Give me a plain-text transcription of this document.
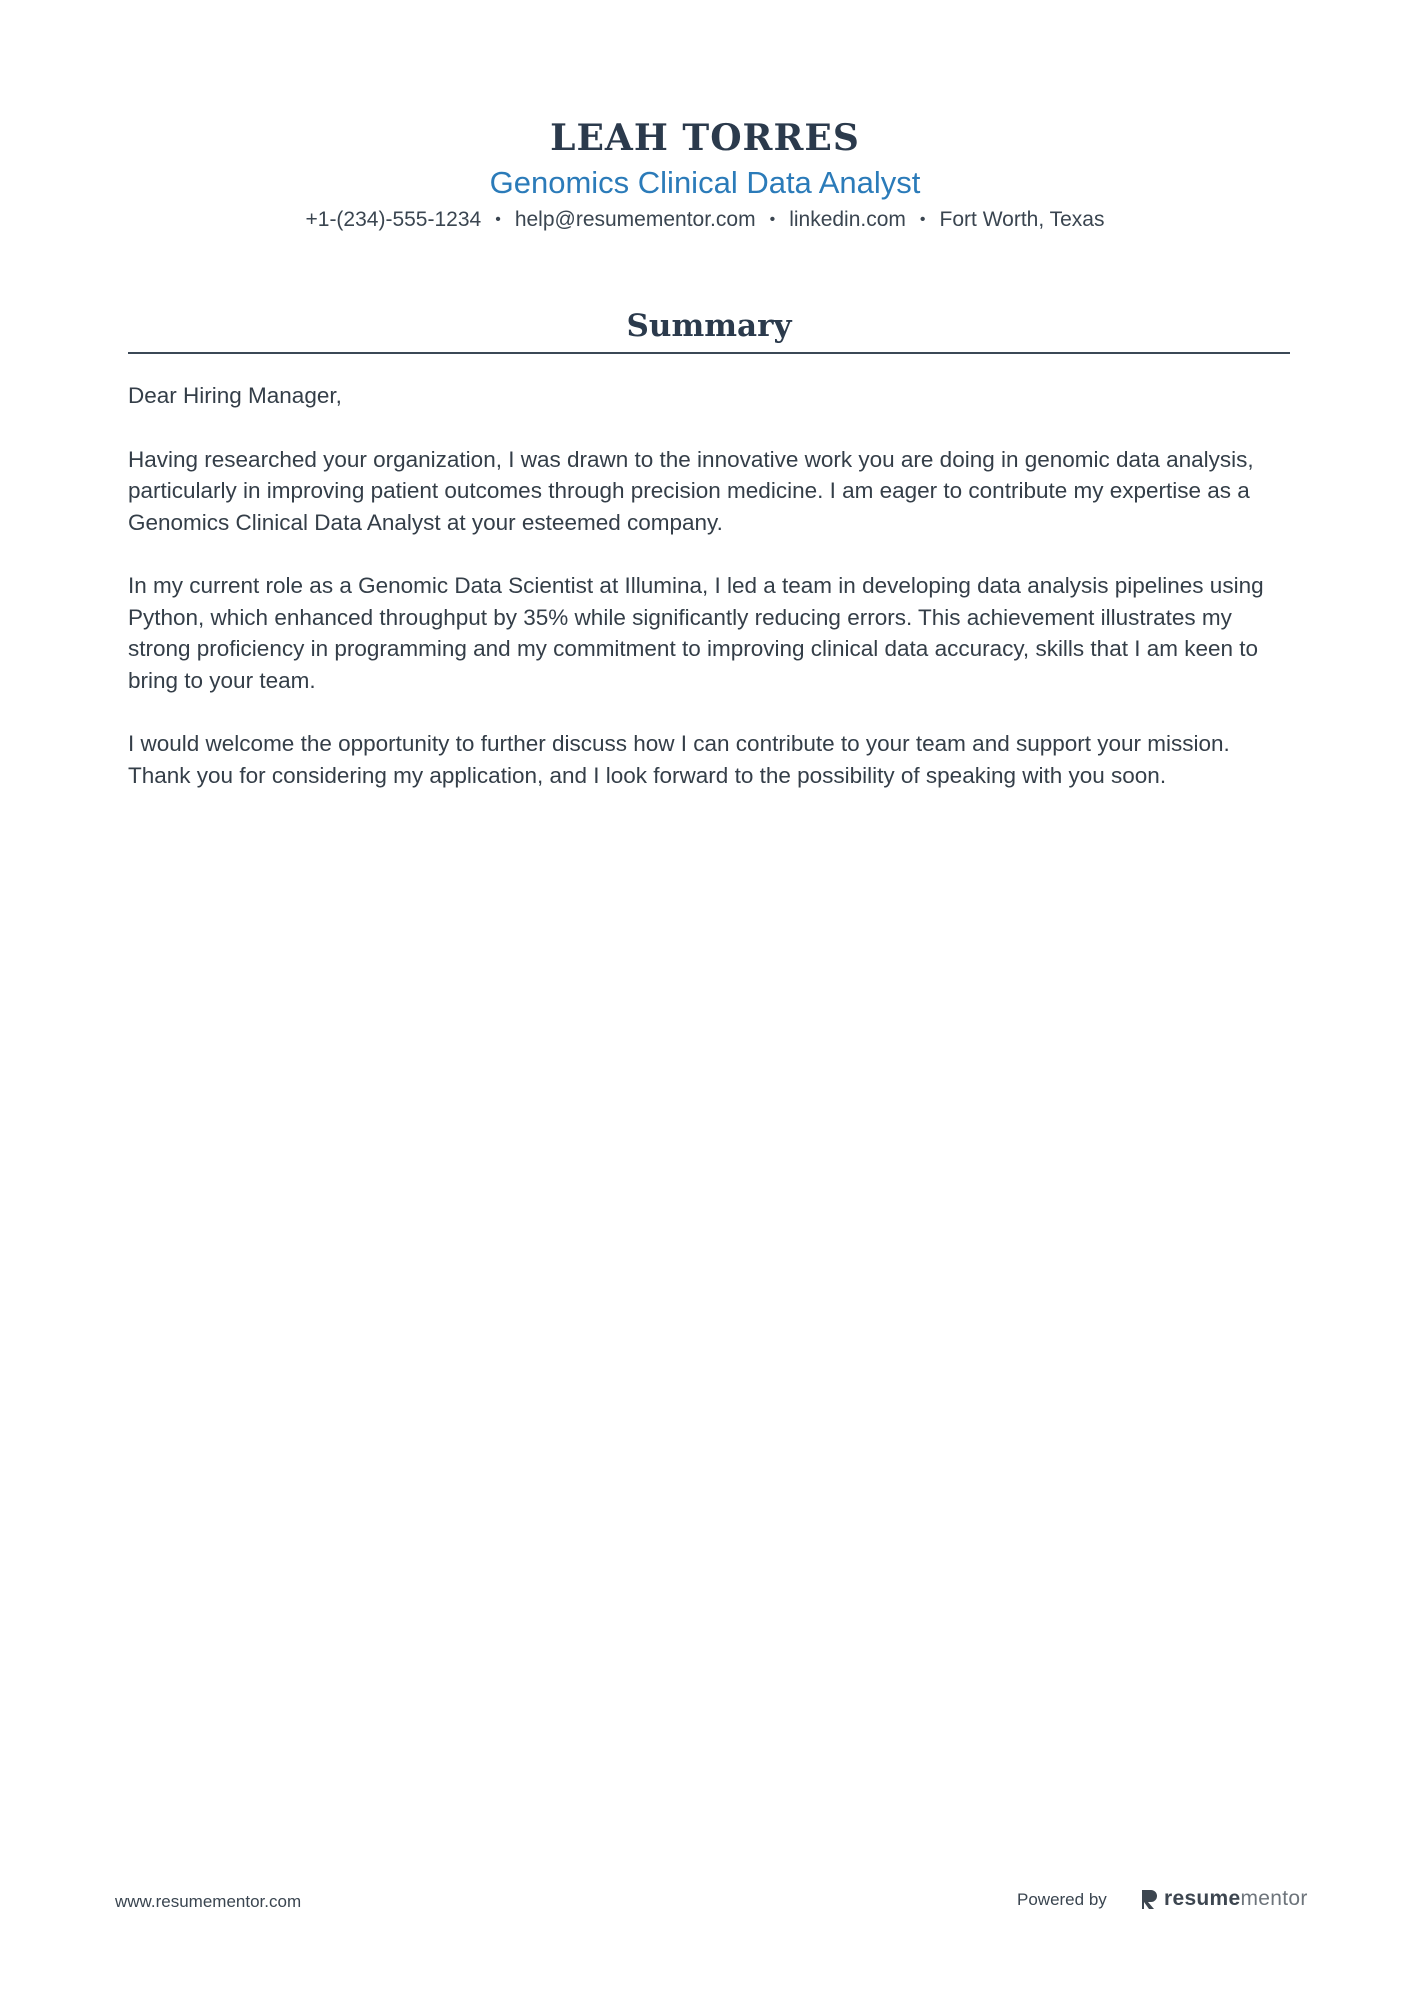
LEAH TORRES
Genomics Clinical Data Analyst
+1-(234)-555-1234 • help@resumementor.com • linkedin.com • Fort Worth, Texas
Summary

Dear Hiring Manager,

Having researched your organization, I was drawn to the innovative work you are doing in genomic data analysis, particularly in improving patient outcomes through precision medicine. I am eager to contribute my expertise as a Genomics Clinical Data Analyst at your esteemed company.

In my current role as a Genomic Data Scientist at Illumina, I led a team in developing data analysis pipelines using Python, which enhanced throughput by 35% while significantly reducing errors. This achievement illustrates my strong proficiency in programming and my commitment to improving clinical data accuracy, skills that I am keen to bring to your team.

I would welcome the opportunity to further discuss how I can contribute to your team and support your mission. Thank you for considering my application, and I look forward to the possibility of speaking with you soon.

www.resumementor.com	Powered by	resumementor
